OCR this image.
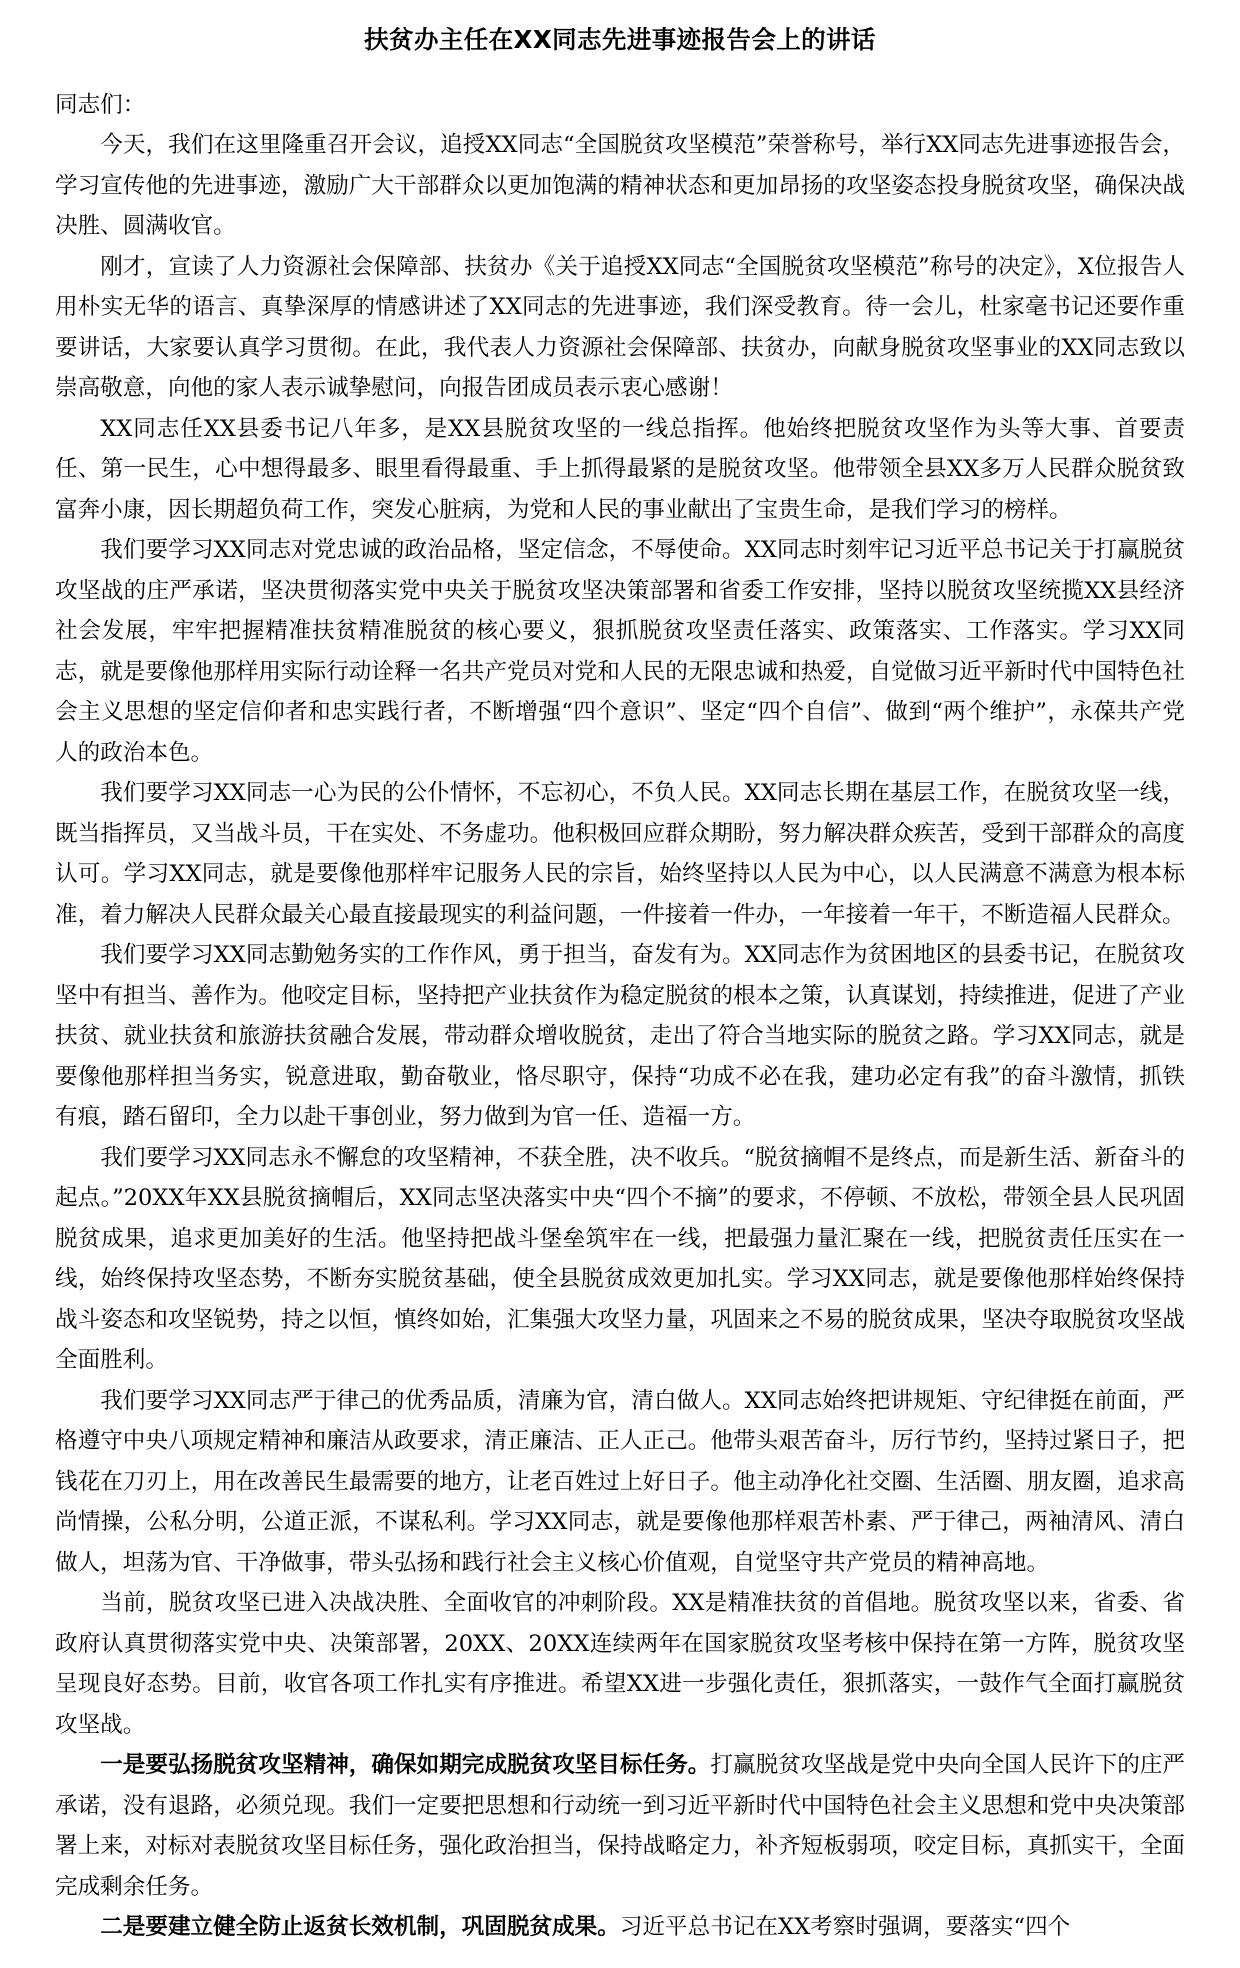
扶贫办主任在XX同志先进事迹报告会上的讲话

同志们：

今天，我们在这里隆重召开会议，追授XX同志“全国脱贫攻坚模范”荣誉称号，举行XX同志先进事迹报告会，学习宣传他的先进事迹，激励广大干部群众以更加饱满的精神状态和更加昂扬的攻坚姿态投身脱贫攻坚，确保决战决胜、圆满收官。

刚才，宣读了人力资源社会保障部、扶贫办《关于追授XX同志“全国脱贫攻坚模范”称号的决定》，X位报告人用朴实无华的语言、真挚深厚的情感讲述了XX同志的先进事迹，我们深受教育。待一会儿，杜家毫书记还要作重要讲话，大家要认真学习贯彻。在此，我代表人力资源社会保障部、扶贫办，向献身脱贫攻坚事业的XX同志致以崇高敬意，向他的家人表示诚挚慰问，向报告团成员表示衷心感谢！

XX同志任XX县委书记八年多，是XX县脱贫攻坚的一线总指挥。他始终把脱贫攻坚作为头等大事、首要责任、第一民生，心中想得最多、眼里看得最重、手上抓得最紧的是脱贫攻坚。他带领全县XX多万人民群众脱贫致富奔小康，因长期超负荷工作，突发心脏病，为党和人民的事业献出了宝贵生命，是我们学习的榜样。

我们要学习XX同志对党忠诚的政治品格，坚定信念，不辱使命。XX同志时刻牢记习近平总书记关于打赢脱贫攻坚战的庄严承诺，坚决贯彻落实党中央关于脱贫攻坚决策部署和省委工作安排，坚持以脱贫攻坚统揽XX县经济社会发展，牢牢把握精准扶贫精准脱贫的核心要义，狠抓脱贫攻坚责任落实、政策落实、工作落实。学习XX同志，就是要像他那样用实际行动诠释一名共产党员对党和人民的无限忠诚和热爱，自觉做习近平新时代中国特色社会主义思想的坚定信仰者和忠实践行者，不断增强“四个意识”、坚定“四个自信”、做到“两个维护”，永葆共产党人的政治本色。

我们要学习XX同志一心为民的公仆情怀，不忘初心，不负人民。XX同志长期在基层工作，在脱贫攻坚一线，既当指挥员，又当战斗员，干在实处、不务虚功。他积极回应群众期盼，努力解决群众疾苦，受到干部群众的高度认可。学习XX同志，就是要像他那样牢记服务人民的宗旨，始终坚持以人民为中心，以人民满意不满意为根本标准，着力解决人民群众最关心最直接最现实的利益问题，一件接着一件办，一年接着一年干，不断造福人民群众。

我们要学习XX同志勤勉务实的工作作风，勇于担当，奋发有为。XX同志作为贫困地区的县委书记，在脱贫攻坚中有担当、善作为。他咬定目标，坚持把产业扶贫作为稳定脱贫的根本之策，认真谋划，持续推进，促进了产业扶贫、就业扶贫和旅游扶贫融合发展，带动群众增收脱贫，走出了符合当地实际的脱贫之路。学习XX同志，就是要像他那样担当务实，锐意进取，勤奋敬业，恪尽职守，保持“功成不必在我，建功必定有我”的奋斗激情，抓铁有痕，踏石留印，全力以赴干事创业，努力做到为官一任、造福一方。

我们要学习XX同志永不懈怠的攻坚精神，不获全胜，决不收兵。“脱贫摘帽不是终点，而是新生活、新奋斗的起点。”20XX年XX县脱贫摘帽后，XX同志坚决落实中央“四个不摘”的要求，不停顿、不放松，带领全县人民巩固脱贫成果，追求更加美好的生活。他坚持把战斗堡垒筑牢在一线，把最强力量汇聚在一线，把脱贫责任压实在一线，始终保持攻坚态势，不断夯实脱贫基础，使全县脱贫成效更加扎实。学习XX同志，就是要像他那样始终保持战斗姿态和攻坚锐势，持之以恒，慎终如始，汇集强大攻坚力量，巩固来之不易的脱贫成果，坚决夺取脱贫攻坚战全面胜利。

我们要学习XX同志严于律己的优秀品质，清廉为官，清白做人。XX同志始终把讲规矩、守纪律挺在前面，严格遵守中央八项规定精神和廉洁从政要求，清正廉洁、正人正己。他带头艰苦奋斗，厉行节约，坚持过紧日子，把钱花在刀刃上，用在改善民生最需要的地方，让老百姓过上好日子。他主动净化社交圈、生活圈、朋友圈，追求高尚情操，公私分明，公道正派，不谋私利。学习XX同志，就是要像他那样艰苦朴素、严于律己，两袖清风、清白做人，坦荡为官、干净做事，带头弘扬和践行社会主义核心价值观，自觉坚守共产党员的精神高地。

当前，脱贫攻坚已进入决战决胜、全面收官的冲刺阶段。XX是精准扶贫的首倡地。脱贫攻坚以来，省委、省政府认真贯彻落实党中央、决策部署，20XX、20XX连续两年在国家脱贫攻坚考核中保持在第一方阵，脱贫攻坚呈现良好态势。目前，收官各项工作扎实有序推进。希望XX进一步强化责任，狠抓落实，一鼓作气全面打赢脱贫攻坚战。

一是要弘扬脱贫攻坚精神，确保如期完成脱贫攻坚目标任务。打赢脱贫攻坚战是党中央向全国人民许下的庄严承诺，没有退路，必须兑现。我们一定要把思想和行动统一到习近平新时代中国特色社会主义思想和党中央决策部署上来，对标对表脱贫攻坚目标任务，强化政治担当，保持战略定力，补齐短板弱项，咬定目标，真抓实干，全面完成剩余任务。

二是要建立健全防止返贫长效机制，巩固脱贫成果。习近平总书记在XX考察时强调，要落实“四个
